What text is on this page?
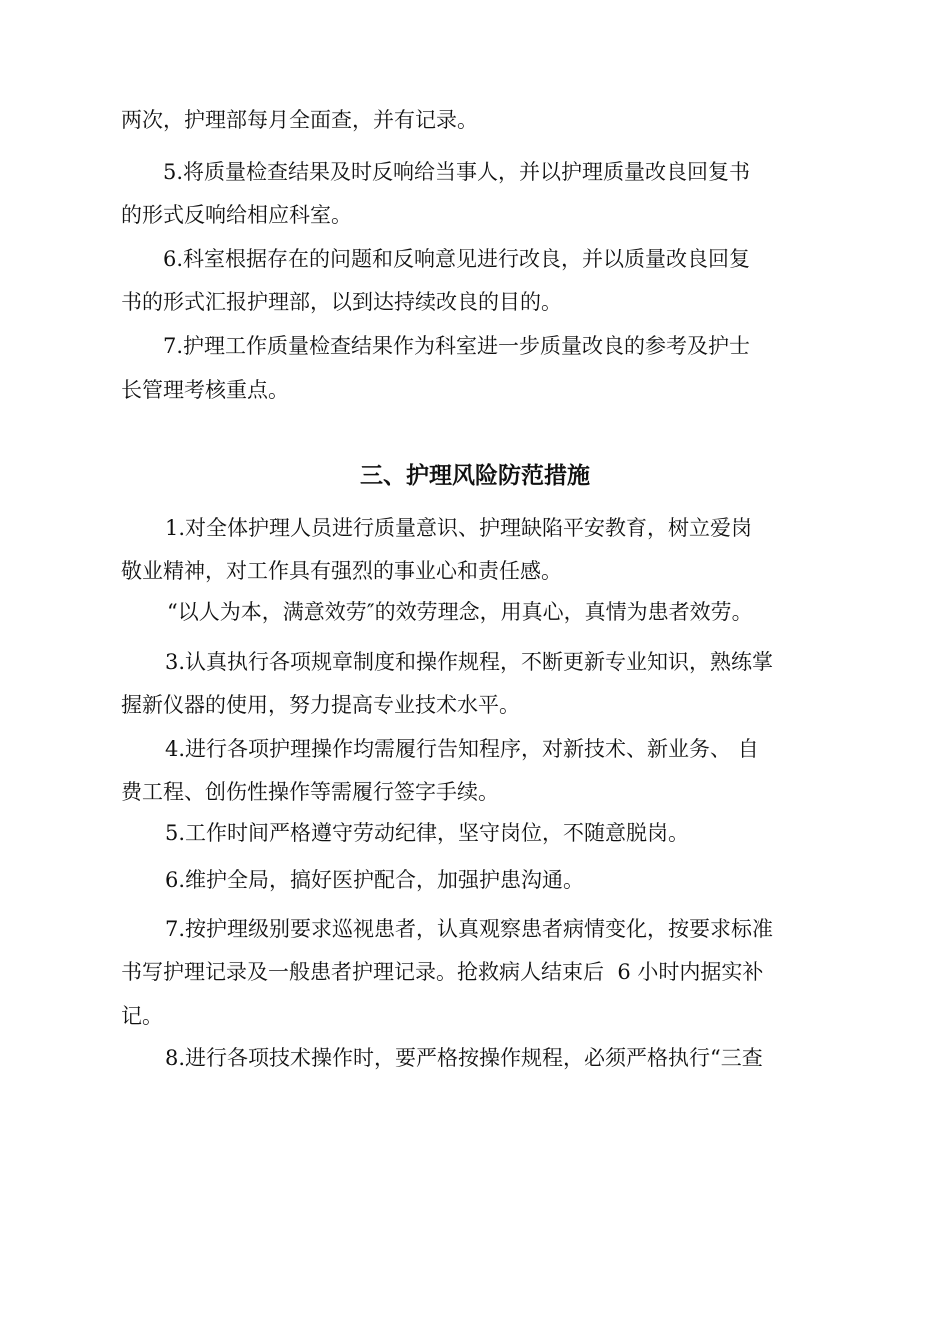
两次，护理部每月全面查，并有记录。
5.将质量检查结果及时反响给当事人，并以护理质量改良回复书
的形式反响给相应科室。
6.科室根据存在的问题和反响意见进行改良，并以质量改良回复
书的形式汇报护理部，以到达持续改良的目的。
7.护理工作质量检查结果作为科室进一步质量改良的参考及护士
长管理考核重点。
三、护理风险防范措施
1.对全体护理人员进行质量意识、护理缺陷平安教育，树立爱岗
敬业精神，对工作具有强烈的事业心和责任感。
“以人为本，满意效劳″的效劳理念，用真心，真情为患者效劳。
3.认真执行各项规章制度和操作规程，不断更新专业知识，熟练掌
握新仪器的使用，努力提高专业技术水平。
4.进行各项护理操作均需履行告知程序，对新技术、新业务、 自
费工程、创伤性操作等需履行签字手续。
5.工作时间严格遵守劳动纪律，坚守岗位，不随意脱岗。
6.维护全局，搞好医护配合，加强护患沟通。
7.按护理级别要求巡视患者，认真观察患者病情变化，按要求标准
书写护理记录及一般患者护理记录。抢救病人结束后  6 小时内据实补
记。
8.进行各项技术操作时，要严格按操作规程，必须严格执行“三查
